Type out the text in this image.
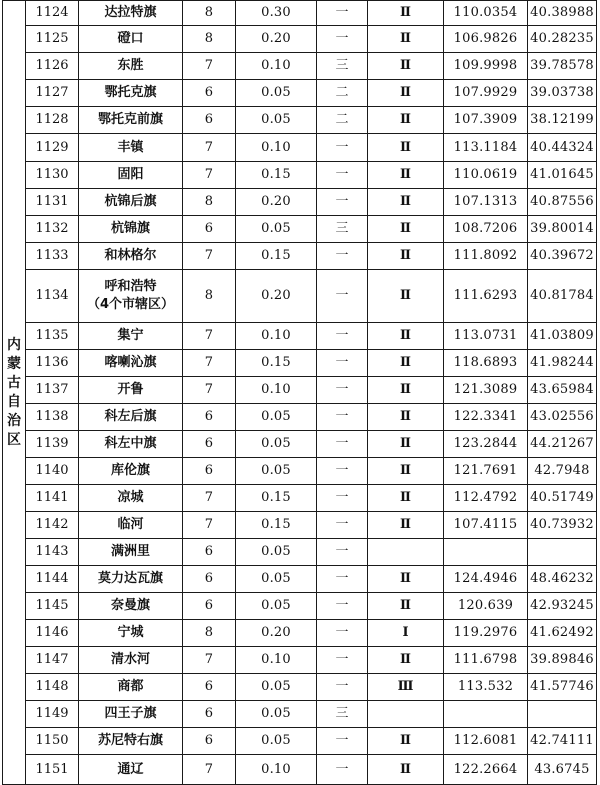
内蒙古自治区	1124	达拉特旗	8	0.30	一	Ⅱ	110.0354	40.38988
	1125	磴口	8	0.20	一	Ⅱ	106.9826	40.28235
	1126	东胜	7	0.10	三	Ⅱ	109.9998	39.78578
	1127	鄂托克旗	6	0.05	二	Ⅱ	107.9929	39.03738
	1128	鄂托克前旗	6	0.05	二	Ⅱ	107.3909	38.12199
	1129	丰镇	7	0.10	一	Ⅱ	113.1184	40.44324
	1130	固阳	7	0.15	一	Ⅱ	110.0619	41.01645
	1131	杭锦后旗	8	0.20	一	Ⅱ	107.1313	40.87556
	1132	杭锦旗	6	0.05	三	Ⅱ	108.7206	39.80014
	1133	和林格尔	7	0.15	一	Ⅱ	111.8092	40.39672
	1134	呼和浩特
（4个市辖区）	8	0.20	一	Ⅱ	111.6293	40.81784
	1135	集宁	7	0.10	一	Ⅱ	113.0731	41.03809
	1136	喀喇沁旗	7	0.15	一	Ⅱ	118.6893	41.98244
	1137	开鲁	7	0.10	一	Ⅱ	121.3089	43.65984
	1138	科左后旗	6	0.05	一	Ⅱ	122.3341	43.02556
	1139	科左中旗	6	0.05	一	Ⅱ	123.2844	44.21267
	1140	库伦旗	6	0.05	一	Ⅱ	121.7691	42.7948
	1141	凉城	7	0.15	一	Ⅱ	112.4792	40.51749
	1142	临河	7	0.15	一	Ⅱ	107.4115	40.73932
	1143	满洲里	6	0.05	一			
	1144	莫力达瓦旗	6	0.05	一	Ⅱ	124.4946	48.46232
	1145	奈曼旗	6	0.05	一	Ⅱ	120.639	42.93245
	1146	宁城	8	0.20	一	Ⅰ	119.2976	41.62492
	1147	清水河	7	0.10	一	Ⅱ	111.6798	39.89846
	1148	商都	6	0.05	一	Ⅲ	113.532	41.57746
	1149	四王子旗	6	0.05	三			
	1150	苏尼特右旗	6	0.05	一	Ⅱ	112.6081	42.74111
	1151	通辽	7	0.10	一	Ⅱ	122.2664	43.6745
